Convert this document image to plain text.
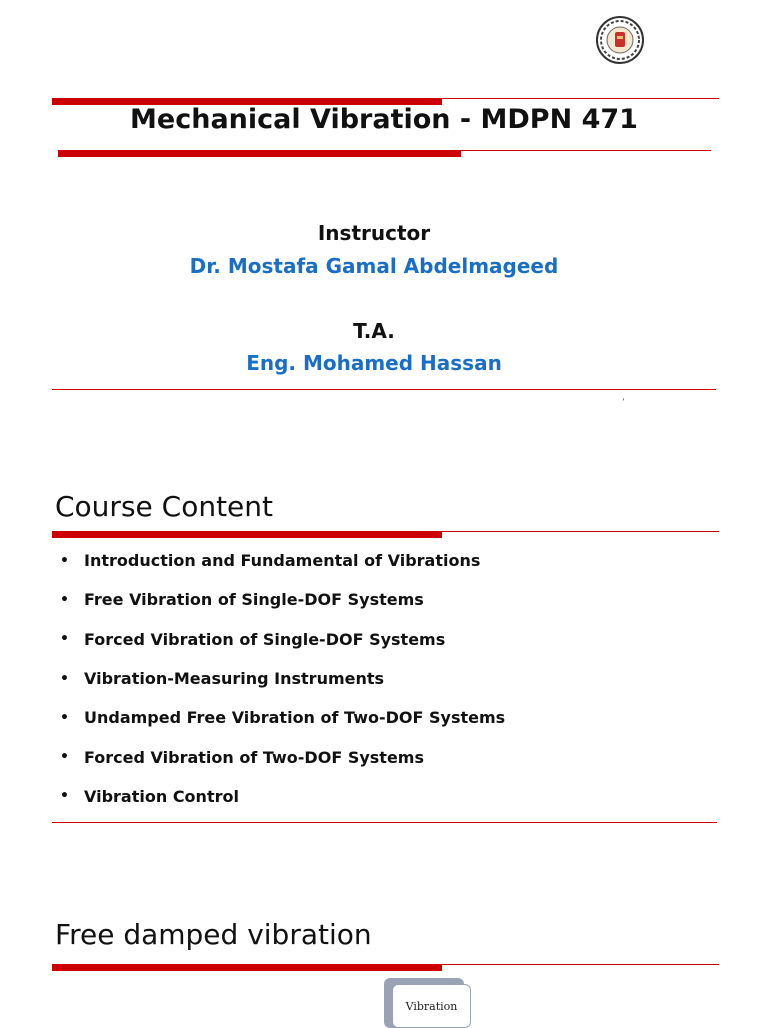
Mechanical Vibration - MDPN 471
Instructor
Dr. Mostafa Gamal Abdelmageed
T.A.
Eng. Mohamed Hassan
ʼ
Course Content
• Introduction and Fundamental of Vibrations
• Free Vibration of Single-DOF Systems
• Forced Vibration of Single-DOF Systems
• Vibration-Measuring Instruments
• Undamped Free Vibration of Two-DOF Systems
• Forced Vibration of Two-DOF Systems
• Vibration Control
Free damped vibration
Vibration
